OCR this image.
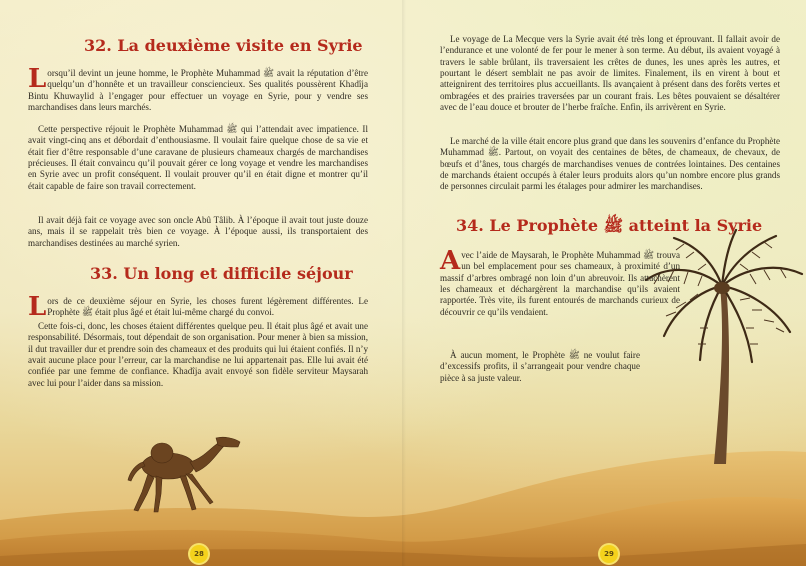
32. La deuxième visite en Syrie

Lorsqu’il devint un jeune homme, le Prophète Muhammad ﷺ avait la réputation d’être quelqu’un d’honnête et un travailleur consciencieux. Ses qualités poussèrent Khadîja Bintu Khuwaylid à l’engager pour effectuer un voyage en Syrie, pour y vendre ses marchandises dans leurs marchés.

Cette perspective réjouit le Prophète Muhammad ﷺ qui l’attendait avec impatience. Il avait vingt-cinq ans et débordait d’enthousiasme. Il voulait faire quelque chose de sa vie et était fier d’être responsable d’une caravane de plusieurs chameaux chargés de marchandises précieuses. Il était convaincu qu’il pouvait gérer ce long voyage et vendre les marchandises en Syrie avec un profit conséquent. Il voulait prouver qu’il en était digne et montrer qu’il était capable de faire son travail correctement.

Il avait déjà fait ce voyage avec son oncle Abû Tâlib. À l’époque il avait tout juste douze ans, mais il se rappelait très bien ce voyage. À l’époque aussi, ils transportaient des marchandises destinées au marché syrien.

33. Un long et difficile séjour

Lors de ce deuxième séjour en Syrie, les choses furent légèrement différentes. Le Prophète ﷺ était plus âgé et était lui-même chargé du convoi.

Cette fois-ci, donc, les choses étaient différentes quelque peu. Il était plus âgé et avait une responsabilité. Désormais, tout dépendait de son organisation. Pour mener à bien sa mission, il dut travailler dur et prendre soin des chameaux et des produits qui lui étaient confiés. Il n’y avait aucune place pour l’erreur, car la marchandise ne lui appartenait pas. Elle lui avait été confiée par une femme de confiance. Khadîja avait envoyé son fidèle serviteur Maysarah avec lui pour l’aider dans sa mission.

28

Le voyage de La Mecque vers la Syrie avait été très long et éprouvant. Il fallait avoir de l’endurance et une volonté de fer pour le mener à son terme. Au début, ils avaient voyagé à travers le sable brûlant, ils traversaient les crêtes de dunes, les unes après les autres, et pourtant le désert semblait ne pas avoir de limites. Finalement, ils en virent à bout et atteignirent des territoires plus accueillants. Ils avançaient à présent dans des forêts vertes et ombragées et des prairies traversées par un courant frais. Les bêtes pouvaient se désaltérer avec de l’eau douce et brouter de l’herbe fraîche. Enfin, ils arrivèrent en Syrie.

Le marché de la ville était encore plus grand que dans les souvenirs d’enfance du Prophète Muhammad ﷺ. Partout, on voyait des centaines de bêtes, de chameaux, de chevaux, de bœufs et d’ânes, tous chargés de marchandises venues de contrées lointaines. Des centaines de marchands étaient occupés à étaler leurs produits alors qu’un nombre encore plus grands de personnes circulait parmi les étalages pour admirer les marchandises.

34. Le Prophète ﷺ atteint la Syrie

Avec l’aide de Maysarah, le Prophète Muhammad ﷺ trouva un bel emplacement pour ses chameaux, à proximité d’un massif d’arbres ombragé non loin d’un abreuvoir. Ils attachèrent les chameaux et déchargèrent la marchandise qu’ils avaient rapportée. Très vite, ils furent entourés de marchands curieux de découvrir ce qu’ils vendaient.

À aucun moment, le Prophète ﷺ ne voulut faire d’excessifs profits, il s’arrangeait pour vendre chaque pièce à sa juste valeur.

29
